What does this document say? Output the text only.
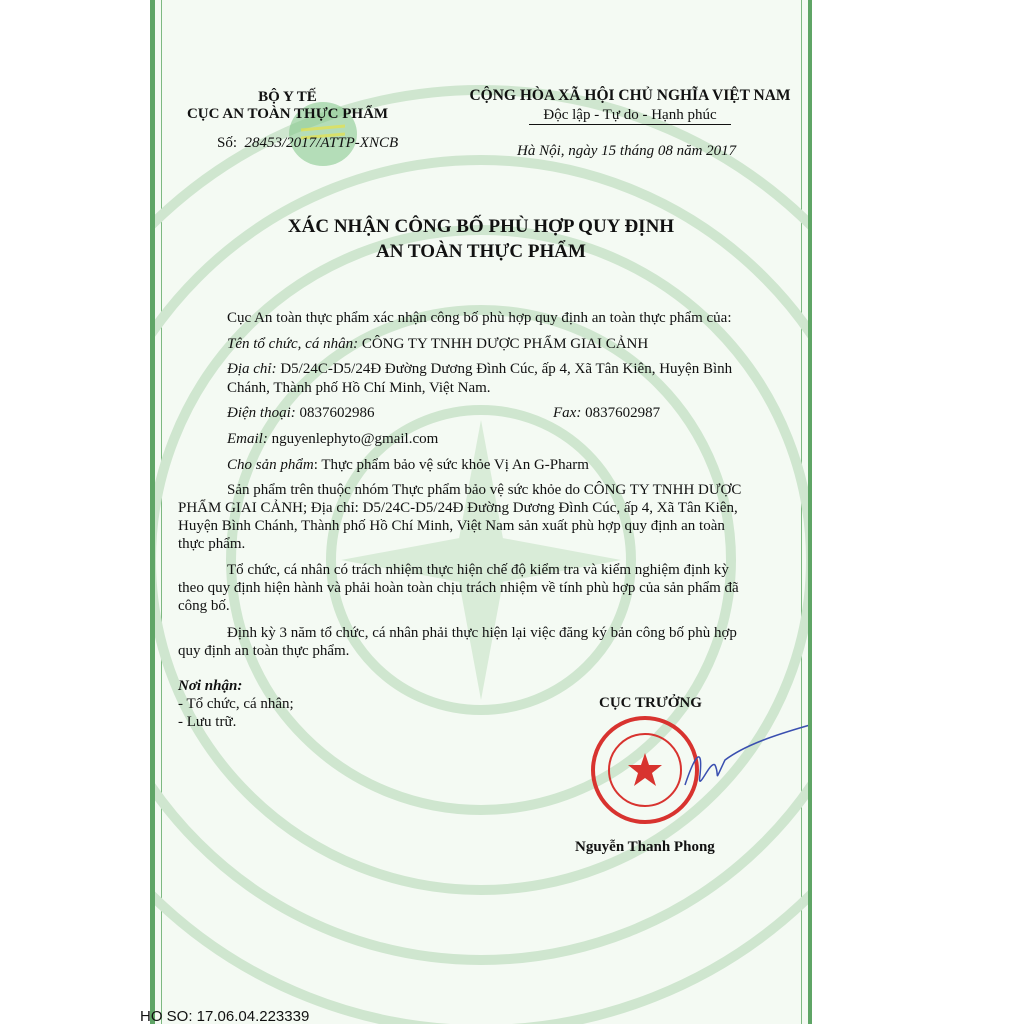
BỘ Y TẾ
CỤC AN TOÀN THỰC PHẨM
Số: 28453/2017/ATTP-XNCB
CỘNG HÒA XÃ HỘI CHỦ NGHĨA VIỆT NAM
Độc lập - Tự do - Hạnh phúc
Hà Nội, ngày 15 tháng 08 năm 2017
XÁC NHẬN CÔNG BỐ PHÙ HỢP QUY ĐỊNH
AN TOÀN THỰC PHẨM
Cục An toàn thực phẩm xác nhận công bố phù hợp quy định an toàn thực phẩm của:
Tên tổ chức, cá nhân: CÔNG TY TNHH DƯỢC PHẨM GIAI CẢNH
Địa chỉ: D5/24C-D5/24Đ Đường Dương Đình Cúc, ấp 4, Xã Tân Kiên, Huyện Bình
Chánh, Thành phố Hồ Chí Minh, Việt Nam.
Điện thoại: 0837602986	Fax: 0837602987
Email: nguyenlephyto@gmail.com
Cho sản phẩm: Thực phẩm bảo vệ sức khỏe Vị An G-Pharm
Sản phẩm trên thuộc nhóm Thực phẩm bảo vệ sức khỏe do CÔNG TY TNHH DƯỢC
PHẨM GIAI CẢNH; Địa chỉ: D5/24C-D5/24Đ Đường Dương Đình Cúc, ấp 4, Xã Tân Kiên,
Huyện Bình Chánh, Thành phố Hồ Chí Minh, Việt Nam sản xuất phù hợp quy định an toàn
thực phẩm.
Tổ chức, cá nhân có trách nhiệm thực hiện chế độ kiểm tra và kiểm nghiệm định kỳ
theo quy định hiện hành và phải hoàn toàn chịu trách nhiệm về tính phù hợp của sản phẩm đã
công bố.
Định kỳ 3 năm tổ chức, cá nhân phải thực hiện lại việc đăng ký bản công bố phù hợp
quy định an toàn thực phẩm.
Nơi nhận:
- Tổ chức, cá nhân;
- Lưu trữ.
CỤC TRƯỞNG
Nguyễn Thanh Phong
HO SO: 17.06.04.223339
